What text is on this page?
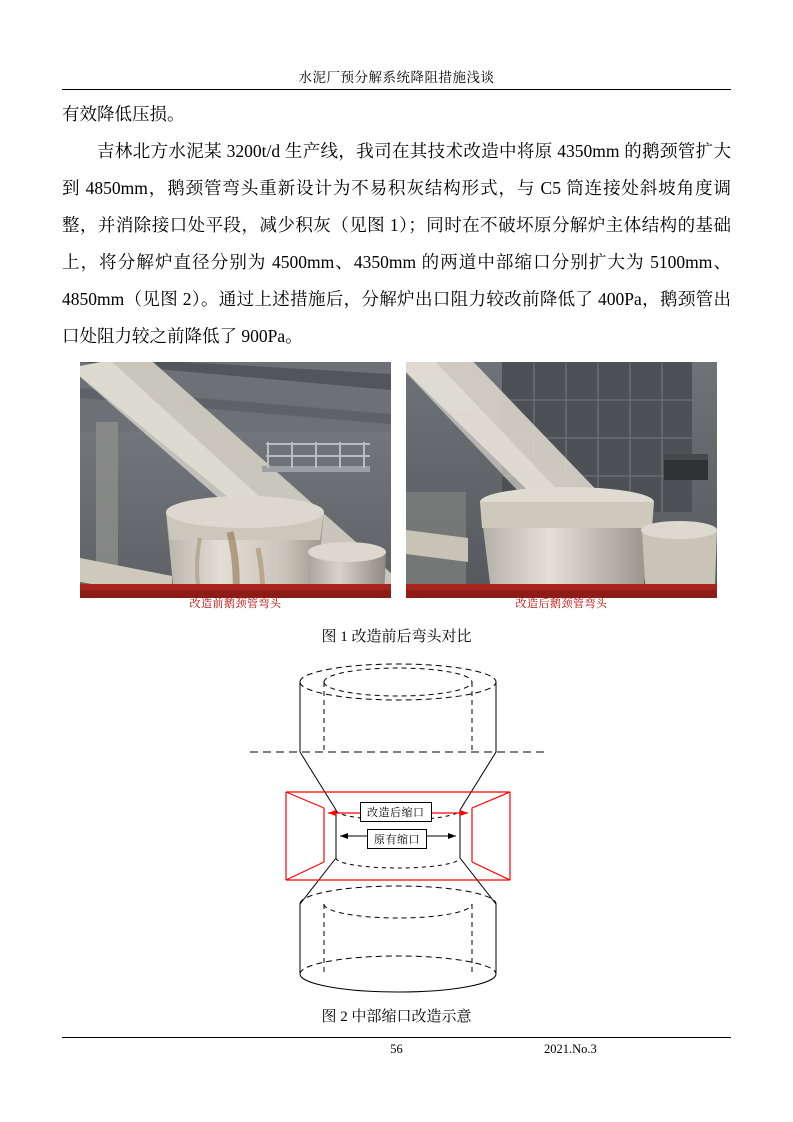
水泥厂预分解系统降阻措施浅谈

有效降低压损。

吉林北方水泥某 3200t/d 生产线，我司在其技术改造中将原 4350mm 的鹅颈管扩大到 4850mm，鹅颈管弯头重新设计为不易积灰结构形式，与 C5 筒连接处斜坡角度调整，并消除接口处平段，减少积灰（见图 1）；同时在不破坏原分解炉主体结构的基础上，将分解炉直径分别为 4500mm、4350mm 的两道中部缩口分别扩大为 5100mm、4850mm（见图 2）。通过上述措施后，分解炉出口阻力较改前降低了 400Pa，鹅颈管出口处阻力较之前降低了 900Pa。

改造前鹅颈管弯头	改造后鹅颈管弯头
图 1 改造前后弯头对比
改造后缩口
原有缩口
图 2 中部缩口改造示意
56	2021.No.3
